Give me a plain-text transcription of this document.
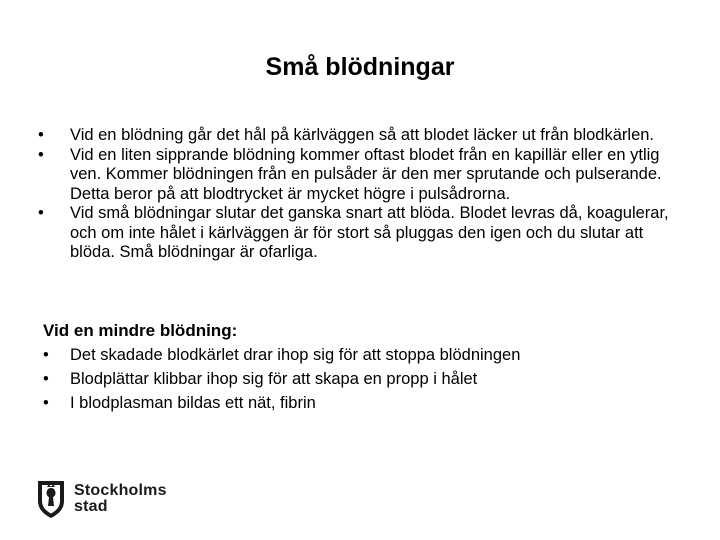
Små blödningar
•	Vid en blödning går det hål på kärlväggen så att blodet läcker ut från blodkärlen.
•	Vid en liten sipprande blödning kommer oftast blodet från en kapillär eller en ytlig ven. Kommer blödningen från en pulsåder är den mer sprutande och pulserande. Detta beror på att blodtrycket är mycket högre i pulsådrorna.
•	Vid små blödningar slutar det ganska snart att blöda. Blodet levras då, koagulerar, och om inte hålet i kärlväggen är för stort så pluggas den igen och du slutar att blöda. Små blödningar är ofarliga.

Vid en mindre blödning:

•	Det skadade blodkärlet drar ihop sig för att stoppa blödningen
•	Blodplättar klibbar ihop sig för att skapa en propp i hålet
•	I blodplasman bildas ett nät, fibrin
Stockholms
stad
